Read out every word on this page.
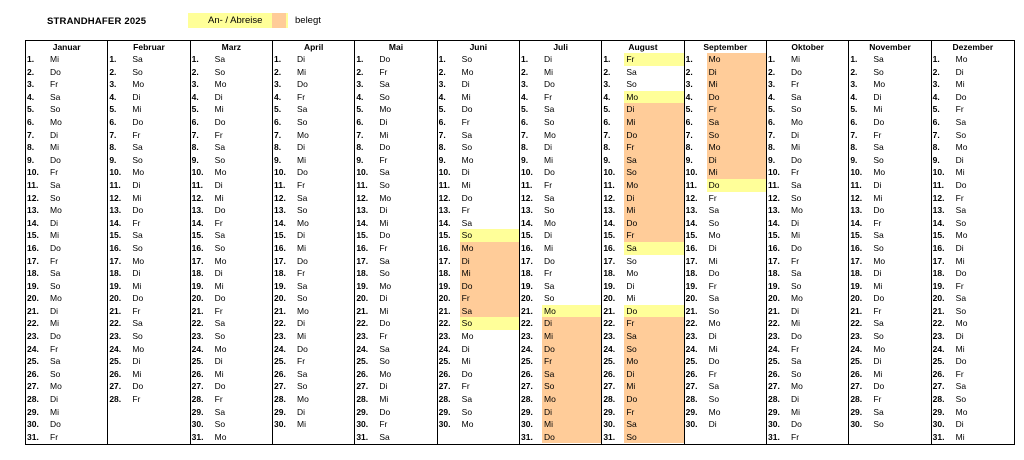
STRANDHAFER 2025	An- / Abreise	belegt
Januar
1.	Mi
2.	Do
3.	Fr
4.	Sa
5.	So
6.	Mo
7.	Di
8.	Mi
9.	Do
10.	Fr
11.	Sa
12.	So
13.	Mo
14.	Di
15.	Mi
16.	Do
17.	Fr
18.	Sa
19.	So
20.	Mo
21.	Di
22.	Mi
23.	Do
24.	Fr
25.	Sa
26.	So
27.	Mo
28.	Di
29.	Mi
30.	Do
31.	Fr
Februar
1.	Sa
2.	So
3.	Mo
4.	Di
5.	Mi
6.	Do
7.	Fr
8.	Sa
9.	So
10.	Mo
11.	Di
12.	Mi
13.	Do
14.	Fr
15.	Sa
16.	So
17.	Mo
18.	Di
19.	Mi
20.	Do
21.	Fr
22.	Sa
23.	So
24.	Mo
25.	Di
26.	Mi
27.	Do
28.	Fr
Marz
1.	Sa
2.	So
3.	Mo
4.	Di
5.	Mi
6.	Do
7.	Fr
8.	Sa
9.	So
10.	Mo
11.	Di
12.	Mi
13.	Do
14.	Fr
15.	Sa
16.	So
17.	Mo
18.	Di
19.	Mi
20.	Do
21.	Fr
22.	Sa
23.	So
24.	Mo
25.	Di
26.	Mi
27.	Do
28.	Fr
29.	Sa
30.	So
31.	Mo
April
1.	Di
2.	Mi
3.	Do
4.	Fr
5.	Sa
6.	So
7.	Mo
8.	Di
9.	Mi
10.	Do
11.	Fr
12.	Sa
13.	So
14.	Mo
15.	Di
16.	Mi
17.	Do
18.	Fr
19.	Sa
20.	So
21.	Mo
22.	Di
23.	Mi
24.	Do
25.	Fr
26.	Sa
27.	So
28.	Mo
29.	Di
30.	Mi
Mai
1.	Do
2.	Fr
3.	Sa
4.	So
5.	Mo
6.	Di
7.	Mi
8.	Do
9.	Fr
10.	Sa
11.	So
12.	Mo
13.	Di
14.	Mi
15.	Do
16.	Fr
17.	Sa
18.	So
19.	Mo
20.	Di
21.	Mi
22.	Do
23.	Fr
24.	Sa
25.	So
26.	Mo
27.	Di
28.	Mi
29.	Do
30.	Fr
31.	Sa
Juni
1.	So
2.	Mo
3.	Di
4.	Mi
5.	Do
6.	Fr
7.	Sa
8.	So
9.	Mo
10.	Di
11.	Mi
12.	Do
13.	Fr
14.	Sa
15.	So
16.	Mo
17.	Di
18.	Mi
19.	Do
20.	Fr
21.	Sa
22.	So
23.	Mo
24.	Di
25.	Mi
26.	Do
27.	Fr
28.	Sa
29.	So
30.	Mo
Juli
1.	Di
2.	Mi
3.	Do
4.	Fr
5.	Sa
6.	So
7.	Mo
8.	Di
9.	Mi
10.	Do
11.	Fr
12.	Sa
13.	So
14.	Mo
15.	Di
16.	Mi
17.	Do
18.	Fr
19.	Sa
20.	So
21.	Mo
22.	Di
23.	Mi
24.	Do
25.	Fr
26.	Sa
27.	So
28.	Mo
29.	Di
30.	Mi
31.	Do
August
1.	Fr
2.	Sa
3.	So
4.	Mo
5.	Di
6.	Mi
7.	Do
8.	Fr
9.	Sa
10.	So
11.	Mo
12.	Di
13.	Mi
14.	Do
15.	Fr
16.	Sa
17.	So
18.	Mo
19.	Di
20.	Mi
21.	Do
22.	Fr
23.	Sa
24.	So
25.	Mo
26.	Di
27.	Mi
28.	Do
29.	Fr
30.	Sa
31.	So
September
1.	Mo
2.	Di
3.	Mi
4.	Do
5.	Fr
6.	Sa
7.	So
8.	Mo
9.	Di
10.	Mi
11.	Do
12.	Fr
13.	Sa
14.	So
15.	Mo
16.	Di
17.	Mi
18.	Do
19.	Fr
20.	Sa
21.	So
22.	Mo
23.	Di
24.	Mi
25.	Do
26.	Fr
27.	Sa
28.	So
29.	Mo
30.	Di
Oktober
1.	Mi
2.	Do
3.	Fr
4.	Sa
5.	So
6.	Mo
7.	Di
8.	Mi
9.	Do
10.	Fr
11.	Sa
12.	So
13.	Mo
14.	Di
15.	Mi
16.	Do
17.	Fr
18.	Sa
19.	So
20.	Mo
21.	Di
22.	Mi
23.	Do
24.	Fr
25.	Sa
26.	So
27.	Mo
28.	Di
29.	Mi
30.	Do
31.	Fr
November
1.	Sa
2.	So
3.	Mo
4.	Di
5.	Mi
6.	Do
7.	Fr
8.	Sa
9.	So
10.	Mo
11.	Di
12.	Mi
13.	Do
14.	Fr
15.	Sa
16.	So
17.	Mo
18.	Di
19.	Mi
20.	Do
21.	Fr
22.	Sa
23.	So
24.	Mo
25.	Di
26.	Mi
27.	Do
28.	Fr
29.	Sa
30.	So
Dezember
1.	Mo
2.	Di
3.	Mi
4.	Do
5.	Fr
6.	Sa
7.	So
8.	Mo
9.	Di
10.	Mi
11.	Do
12.	Fr
13.	Sa
14.	So
15.	Mo
16.	Di
17.	Mi
18.	Do
19.	Fr
20.	Sa
21.	So
22.	Mo
23.	Di
24.	Mi
25.	Do
26.	Fr
27.	Sa
28.	So
29.	Mo
30.	Di
31.	Mi
